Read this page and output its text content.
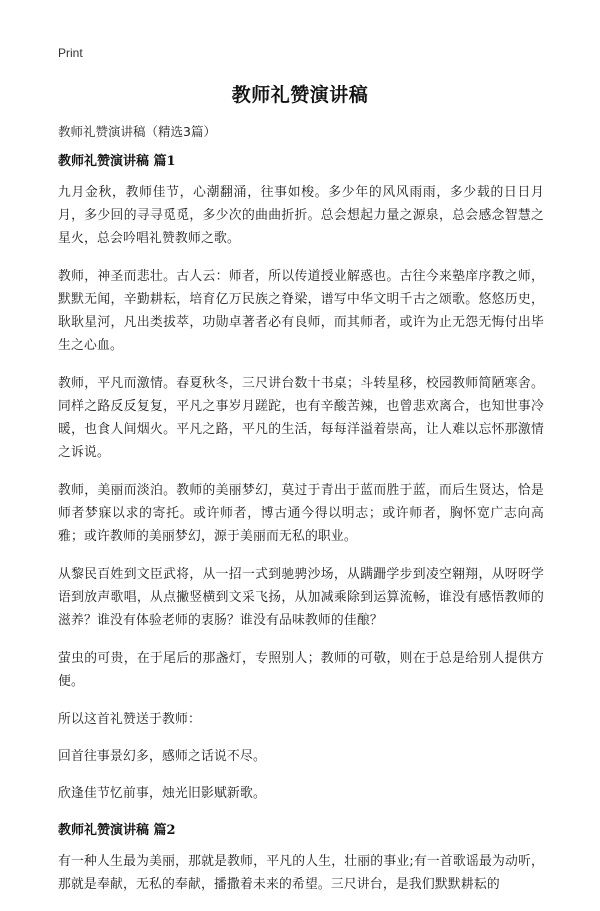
Print
教师礼赞演讲稿
教师礼赞演讲稿（精选3篇）
教师礼赞演讲稿 篇1

九月金秋，教师佳节，心潮翻涌，往事如梭。多少年的风风雨雨，多少载的日日月月，多少回的寻寻觅觅，多少次的曲曲折折。总会想起力量之源泉，总会感念智慧之星火，总会吟唱礼赞教师之歌。

教师，神圣而悲壮。古人云：师者，所以传道授业解惑也。古往今来塾庠序教之师，默默无闻，辛勤耕耘，培育亿万民族之脊梁，谱写中华文明千古之颂歌。悠悠历史，耿耿星河，凡出类拔萃，功勋卓著者必有良师，而其师者，或许为止无怨无悔付出毕生之心血。

教师，平凡而激情。春夏秋冬，三尺讲台数十书桌；斗转星移，校园教师简陋寒舍。同样之路反反复复，平凡之事岁月蹉跎，也有辛酸苦辣，也曾悲欢离合，也知世事冷暖，也食人间烟火。平凡之路，平凡的生活，每每洋溢着崇高，让人难以忘怀那激情之诉说。

教师，美丽而淡泊。教师的美丽梦幻，莫过于青出于蓝而胜于蓝，而后生贤达，恰是师者梦寐以求的寄托。或许师者，博古通今得以明志；或许师者，胸怀宽广志向高雅；或许教师的美丽梦幻，源于美丽而无私的职业。

从黎民百姓到文臣武将，从一招一式到驰骋沙场，从蹒跚学步到凌空翱翔，从呀呀学语到放声歌唱，从点撇竖横到文采飞扬，从加减乘除到运算流畅，谁没有感悟教师的滋养？谁没有体验老师的衷肠？谁没有品味教师的佳酿？

萤虫的可贵，在于尾后的那盏灯，专照别人；教师的可敬，则在于总是给别人提供方便。

所以这首礼赞送于教师：

回首往事景幻多，感师之话说不尽。

欣逢佳节忆前事，烛光旧影赋新歌。

教师礼赞演讲稿 篇2

有一种人生最为美丽，那就是教师，平凡的人生，壮丽的事业;有一首歌谣最为动听，那就是奉献，无私的奉献，播撒着未来的希望。三尺讲台，是我们默默耕耘的
